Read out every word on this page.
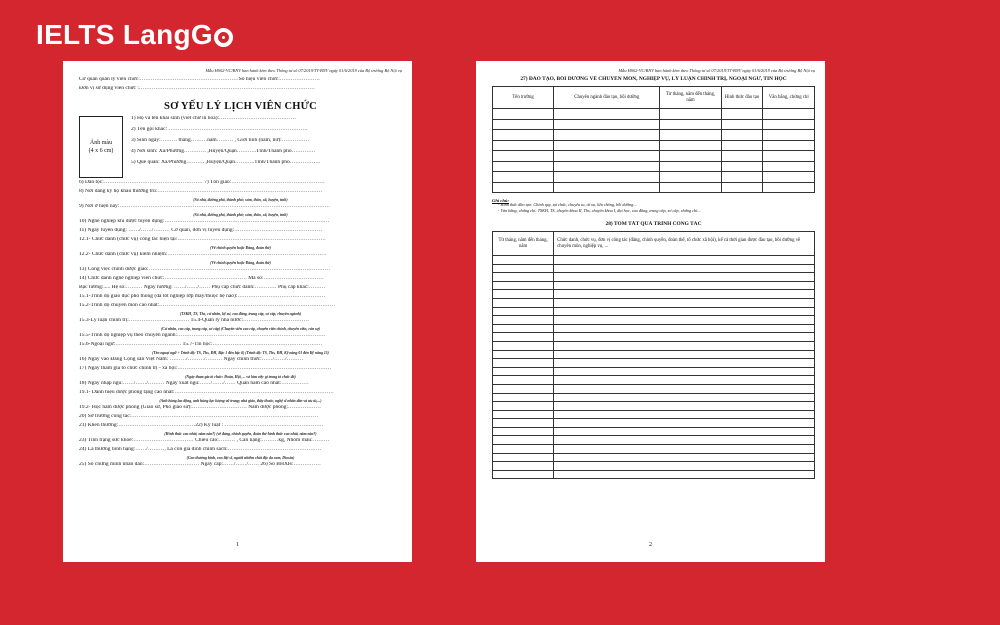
IELTS LangG
Mẫu HS02-VC/BNV ban hành kèm theo Thông tư số 07/2019/TT-BNV ngày 01/6/2019 của Bộ trưởng Bộ Nội vụ
Cơ quan quản lý viên chức:………………………………………………Số hiệu viên chức:………………….
Đơn vị sử dụng viên chức :……………………………………………………………………………………
SƠ YẾU LÝ LỊCH VIÊN CHỨC
Ảnh màu
(4 x 6 cm)
1) Họ và tên khai sinh (viết chữ in hoa):……………………………………
2) Tên gọi khác: ………………………………………………………………….
3) Sinh ngày:……… tháng………năm……… , Giới tính (nam, nữ):……………
4) Nơi sinh: Xã/Phường………… ,Huyện/Quận………..Tỉnh/Thành phố………….
5) Quê quán: Xã/Phường………. ,Huyện/Quận………..Tỉnh/Thành phố……………..
6) Dân tộc:……………………………………………… 7) Tôn giáo:……………………………………………
8) Nơi đăng ký hộ khẩu thường trú:………………………………………………………………………………
(Số nhà, đường phố, thành phố; xóm, thôn, xã, huyện, tỉnh)
9) Nơi ở hiện nay:…………………………………………………………………………………………………….
(Số nhà, đường phố, thành phố; xóm, thôn, xã, huyện, tỉnh)
10) Nghề nghiệp khi được tuyển dụng:………………………………………………………………………………
11) Ngày tuyển dụng: ……/……/……… Cơ quan, đơn vị tuyển dụng:…………………………………………
12.1- Chức danh (chức vụ) công tác hiện tại:………………………………………………………………………
(Về chính quyền hoặc Đảng, đoàn thể)
12.2- Chức danh (chức vụ) kiêm nhiệm:……………………………………………………………………………
(Về chính quyền hoặc Đảng, đoàn thể)
13) Công việc chính được giao:………………………………………………………………………………………
14) Chức danh nghề nghiệp viên chức:……………………………………… Mã số:……………………………
Bậc lương:..... Hệ số:……… Ngày hưởng: ……/……/…… Phụ cấp chức danh:………… Phụ cấp khác:………
15.1-Trình độ giáo dục phổ thông (đã tốt nghiệp lớp mấy/thuộc hệ nào):…………………………………………
15.2-Trình độ chuyên môn cao nhất:……………………………………………………………………………………
(TSKH, TS, Ths, cử nhân, kỹ sư, cao đẳng, trung cấp, sơ cấp, chuyên ngành)
15.3-Lý luận chính trị:…………………………… 15.4-Quản lý nhà nước:………………………………
(Cử nhân, cao cấp, trung cấp, sơ cấp) (Chuyên viên cao cấp, chuyên viên chính, chuyên viên, cán sự)
15.5-Trình độ nghiệp vụ theo chuyên ngành:………………………………………………………………………
15.6-Ngoại ngữ:……………………………… 15.7-Tin học:……………………………………………………
(Tên ngoại ngữ + Trình độ: TS, Ths, ĐH, Bậc 1 đến bậc 6) (Trình độ: TS, Ths, ĐH, Kỹ năng 01 đến Kỹ năng 15)
16) Ngày vào Đảng Cộng sản Việt Nam: ………/………/……… Ngày chính thức:……/……/………
17) Ngày tham gia tổ chức chính trị - xã hội:…………………………………………………………………………
(Ngày tham gia tổ chức: Đoàn, Hội, ... và làm việc gì trong tổ chức đó)
18) Ngày nhập ngũ:……/……/……… Ngày xuất ngũ:……/……/…… Quân hàm cao nhất:……………
19.1- Danh hiệu được phong tặng cao nhất:……………………………………………………………………………
(Anh hùng lao động, anh hùng lực lượng vũ trang; nhà giáo, thầy thuốc, nghệ sĩ nhân dân và ưu tú,...)
19.2- Học hàm được phong (Giáo sư, Phó giáo sư):………………………… Năm được phong:………………
20) Sở trường công tác:…………………………………………………………………………………………
21) Khen thưởng:……………………………………22) Kỷ luật : ………………………………………………
(Hình thức cao nhất, năm nào?) (về đảng, chính quyền, đoàn thể hình thức cao nhất, năm nào?)
23) Tình trạng sức khoẻ:…………………………… Chiều cao:……… , Cân nặng:………kg, Nhóm máu:………
24) Là thương binh hạng:……/………, Là con gia đình chính sách:……………………………………………
(Con thương binh, con liệt sĩ, người nhiễm chất độc da cam, Dioxin)
25) Số chứng minh nhân dân:………………………… Ngày cấp:……/……/…… 26) Số BHXH:……………
1
Mẫu HS02-VC/BNV ban hành kèm theo Thông tư số 07/2019/TT-BNV ngày 01/6/2019 của Bộ trưởng Bộ Nội vụ
27) ĐÀO TẠO, BỒI DƯỠNG VỀ CHUYÊN MÔN, NGHIỆP VỤ, LÝ LUẬN CHÍNH TRỊ, NGOẠI NGỮ, TIN HỌC
Tên trường	Chuyên ngành đào tạo, bồi dưỡng	Từ tháng, năm đến tháng, năm	Hình thức đào tạo	Văn bằng, chứng chỉ

Ghi chú:
- Hình thức đào tạo: Chính quy, tại chức, chuyên tu, từ xa, liên thông, bồi dưỡng....
- Văn bằng, chứng chỉ: TSKH, TS, chuyên khoa II, Ths, chuyên khoa I, đại học, cao đẳng, trung cấp, sơ cấp, chứng chỉ....
28) TÓM TẮT QUÁ TRÌNH CÔNG TÁC
Từ tháng, năm đến tháng, năm	Chức danh, chức vụ, đơn vị công tác (đảng, chính quyền, đoàn thể, tổ chức xã hội), kể cả thời gian được đào tạo, bồi dưỡng về chuyên môn, nghiệp vụ, ...

2
